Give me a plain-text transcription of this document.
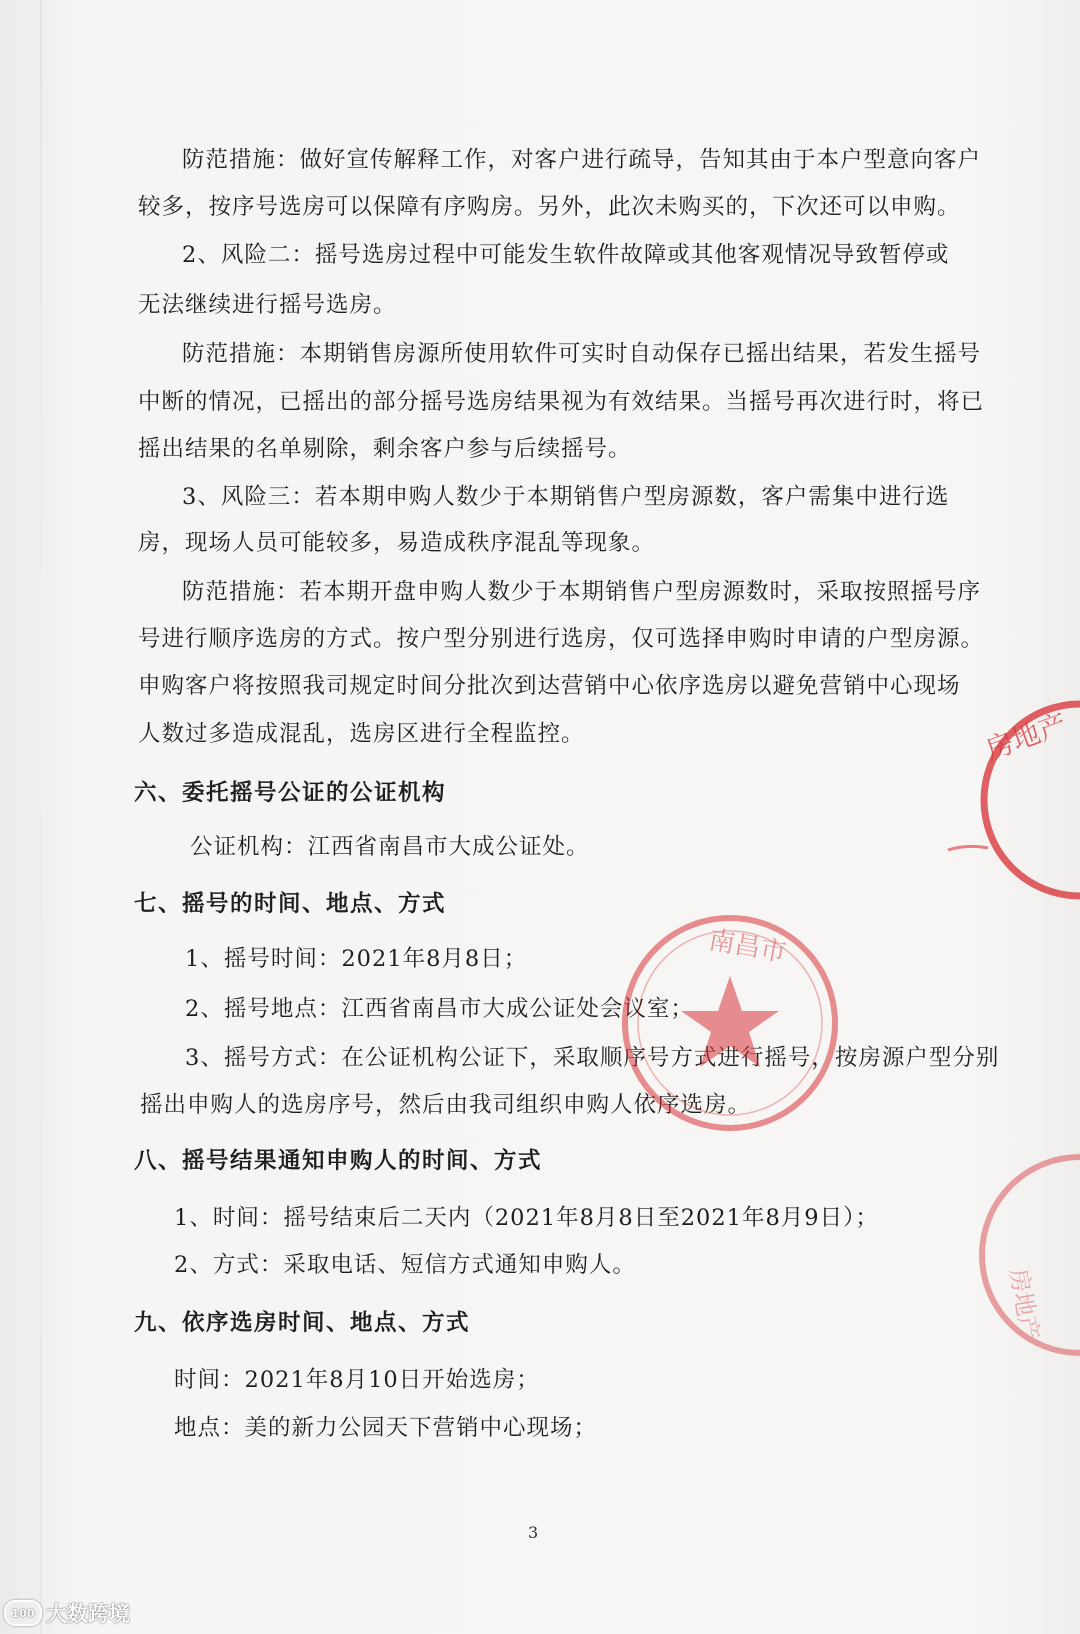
防范措施：做好宣传解释工作，对客户进行疏导，告知其由于本户型意向客户
较多，按序号选房可以保障有序购房。另外，此次未购买的，下次还可以申购。
2、风险二：摇号选房过程中可能发生软件故障或其他客观情况导致暂停或
无法继续进行摇号选房。
防范措施：本期销售房源所使用软件可实时自动保存已摇出结果，若发生摇号
中断的情况，已摇出的部分摇号选房结果视为有效结果。当摇号再次进行时，将已
摇出结果的名单剔除，剩余客户参与后续摇号。
3、风险三：若本期申购人数少于本期销售户型房源数，客户需集中进行选
房，现场人员可能较多，易造成秩序混乱等现象。
防范措施：若本期开盘申购人数少于本期销售户型房源数时，采取按照摇号序
号进行顺序选房的方式。按户型分别进行选房，仅可选择申购时申请的户型房源。
申购客户将按照我司规定时间分批次到达营销中心依序选房以避免营销中心现场
人数过多造成混乱，选房区进行全程监控。
六、委托摇号公证的公证机构
公证机构：江西省南昌市大成公证处。
七、摇号的时间、地点、方式
1、摇号时间：2021年8月8日；
2、摇号地点：江西省南昌市大成公证处会议室；
3、摇号方式：在公证机构公证下，采取顺序号方式进行摇号，按房源户型分别
摇出申购人的选房序号，然后由我司组织申购人依序选房。
八、摇号结果通知申购人的时间、方式
1、时间：摇号结束后二天内（2021年8月8日至2021年8月9日）；
2、方式：采取电话、短信方式通知申购人。
九、依序选房时间、地点、方式
时间：2021年8月10日开始选房；
地点：美的新力公园天下营销中心现场；
3
房地产
南昌市
房地产
100 大数跨境
